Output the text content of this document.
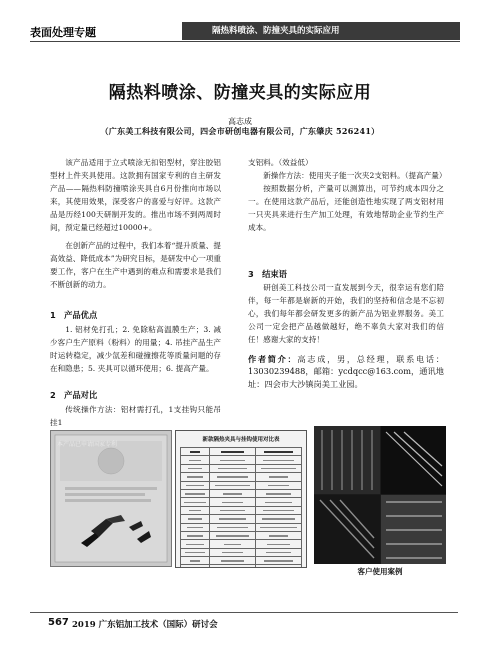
表面处理专题	隔热料喷涂、防撞夹具的实际应用
隔热料喷涂、防撞夹具的实际应用
高志成
（广东美工科技有限公司，四会市研创电器有限公司，广东肇庆 526241）

该产品适用于立式喷涂无扣铝型材，穿注胶铝型材上件夹具使用。这款拥有国家专利的自主研发产品——隔热料防撞喷涂夹具自6月份推向市场以来，其使用效果，深受客户的喜爱与好评。这款产品是历经100天研制开发的。推出市场不到两周时间，预定量已经超过10000+。

在创新产品的过程中，我们本着“提升质量、提高效益、降低成本”为研究目标，是研发中心一项重要工作，客户在生产中遇到的难点和需要求是我们不断创新的动力。

1　产品优点

1. 铝材免打孔；2. 免除粘高温膜生产；3. 减少客户生产原料（粉料）的用量；4. 吊挂产品生产时运转稳定，减少氙差和碰撞擦花等质量问题的存在和隐患；5. 夹具可以循环使用；6. 提高产量。

2　产品对比

传统操作方法：铝材需打孔，1支挂钩只能吊挂1

支铝料。（效益低）

新操作方法：使用夹子能一次夹2支铝料。（提高产量）

按照数据分析，产量可以测算出，可节约成本四分之一。在使用这款产品后，还能创造性地实现了两支铝材用一只夹具来进行生产加工处理，有效地帮助企业节约生产成本。

3　结束语

研创美工科技公司一直发展到今天，很幸运有您们陪伴，每一年都是崭新的开始，我们的坚持和信念是不忘初心，我们每年都会研发更多的新产品为铝业界服务。美工公司一定会把产品越做越好，绝不辜负大家对我们的信任！感谢大家的支持！

作者简介：高志成，男，总经理，联系电话：13030239488，邮箱：ycdqcc@163.com，通讯地址：四会市大沙镇岗美工业园。

本产品已申请国家专利
新款隔热夹具与挂钩使用对比表

客户使用案例
567 2019 广东铝加工技术（国际）研讨会
